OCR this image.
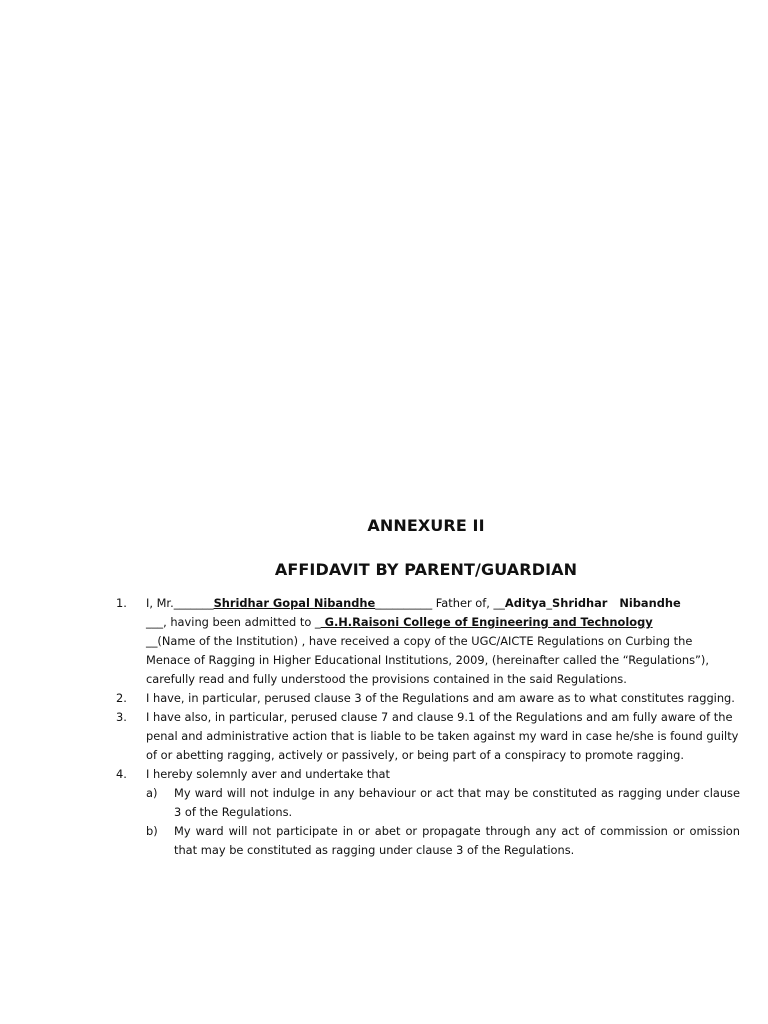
ANNEXURE II
AFFIDAVIT BY PARENT/GUARDIAN
1. I, Mr._______Shridhar Gopal Nibandhe__________ Father of, __Aditya_Shridhar   Nibandhe
___, having been admitted to _ G.H.Raisoni College of Engineering and Technology
__(Name of the Institution) , have received a copy of the UGC/AICTE Regulations on Curbing the Menace of Ragging in Higher Educational Institutions, 2009, (hereinafter called the “Regulations”), carefully read and fully understood the provisions contained in the said Regulations.
2. I have, in particular, perused clause 3 of the Regulations and am aware as to what constitutes ragging.
3. I have also, in particular, perused clause 7 and clause 9.1 of the Regulations and am fully aware of the penal and administrative action that is liable to be taken against my ward in case he/she is found guilty of or abetting ragging, actively or passively, or being part of a conspiracy to promote ragging.
4. I hereby solemnly aver and undertake that
a) My ward will not indulge in any behaviour or act that may be constituted as ragging under clause 3 of the Regulations.
b) My ward will not participate in or abet or propagate through any act of commission or omission that may be constituted as ragging under clause 3 of the Regulations.
